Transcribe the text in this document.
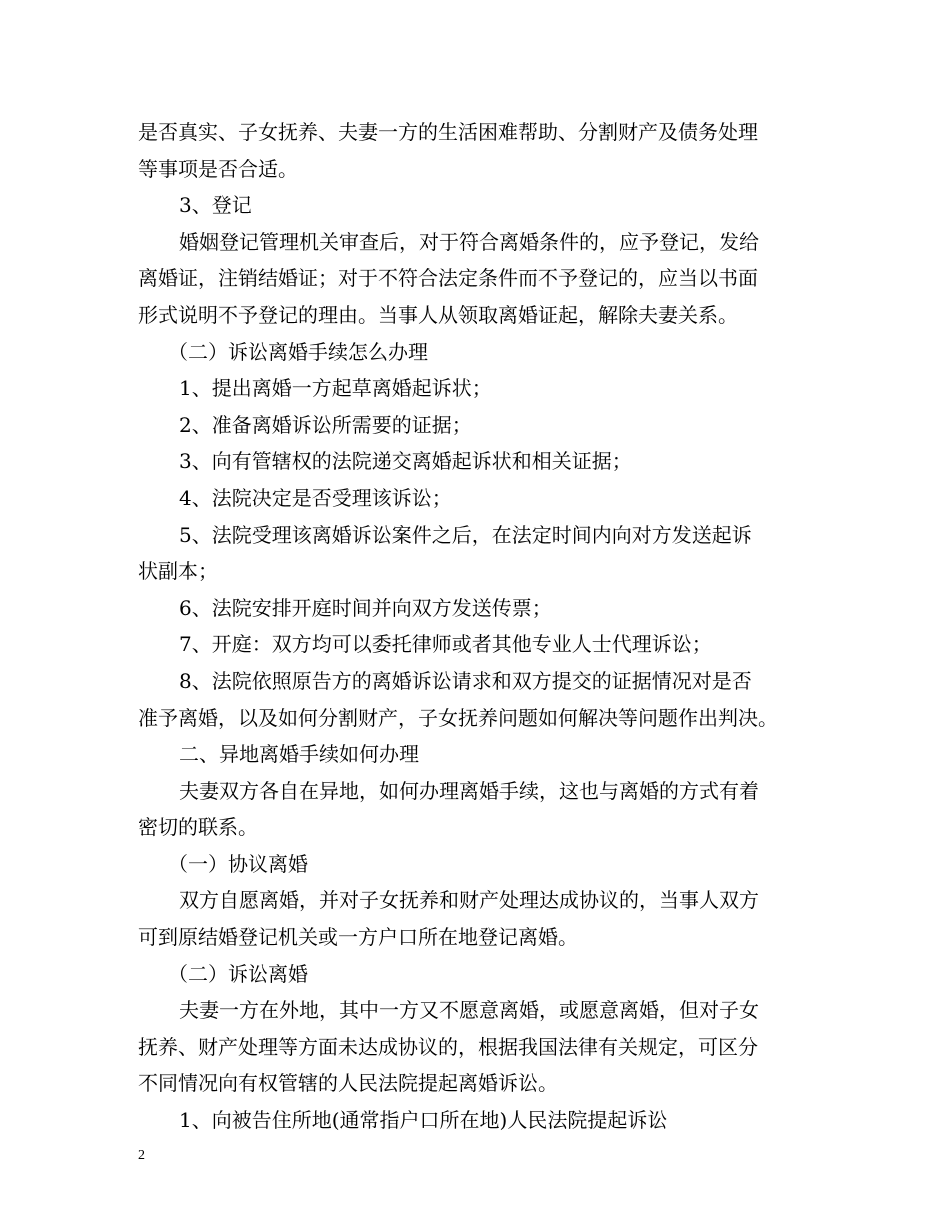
是否真实、子女抚养、夫妻一方的生活困难帮助、分割财产及债务处理
等事项是否合适。
3、登记
婚姻登记管理机关审查后，对于符合离婚条件的，应予登记，发给
离婚证，注销结婚证；对于不符合法定条件而不予登记的，应当以书面
形式说明不予登记的理由。当事人从领取离婚证起，解除夫妻关系。
（二）诉讼离婚手续怎么办理
1、提出离婚一方起草离婚起诉状；
2、准备离婚诉讼所需要的证据；
3、向有管辖权的法院递交离婚起诉状和相关证据；
4、法院决定是否受理该诉讼；
5、法院受理该离婚诉讼案件之后，在法定时间内向对方发送起诉
状副本；
6、法院安排开庭时间并向双方发送传票；
7、开庭：双方均可以委托律师或者其他专业人士代理诉讼；
8、法院依照原告方的离婚诉讼请求和双方提交的证据情况对是否
准予离婚，以及如何分割财产，子女抚养问题如何解决等问题作出判决。
二、异地离婚手续如何办理
夫妻双方各自在异地，如何办理离婚手续，这也与离婚的方式有着
密切的联系。
（一）协议离婚
双方自愿离婚，并对子女抚养和财产处理达成协议的，当事人双方
可到原结婚登记机关或一方户口所在地登记离婚。
（二）诉讼离婚
夫妻一方在外地，其中一方又不愿意离婚，或愿意离婚，但对子女
抚养、财产处理等方面未达成协议的，根据我国法律有关规定，可区分
不同情况向有权管辖的人民法院提起离婚诉讼。
1、向被告住所地(通常指户口所在地)人民法院提起诉讼
2
